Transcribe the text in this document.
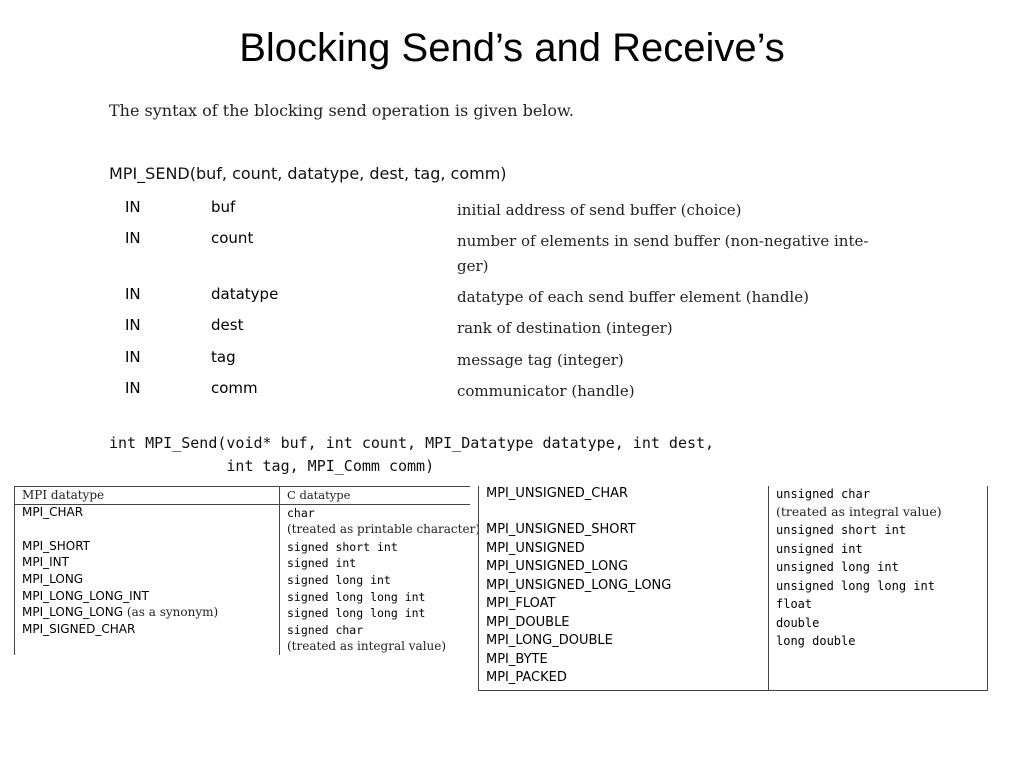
Blocking Send’s and Receive’s
The syntax of the blocking send operation is given below.
MPI_SEND(buf, count, datatype, dest, tag, comm)
IN	buf	initial address of send buffer (choice)
IN	count	number of elements in send buffer (non-negative inte-
ger)
IN	datatype	datatype of each send buffer element (handle)
IN	dest	rank of destination (integer)
IN	tag	message tag (integer)
IN	comm	communicator (handle)
int MPI_Send(void* buf, int count, MPI_Datatype datatype, int dest,
int tag, MPI_Comm comm)
MPI datatype	C datatype
MPI_CHAR	char
(treated as printable character)
MPI_SHORT	signed short int
MPI_INT	signed int
MPI_LONG	signed long int
MPI_LONG_LONG_INT	signed long long int
MPI_LONG_LONG (as a synonym)	signed long long int
MPI_SIGNED_CHAR	signed char
(treated as integral value)
MPI_UNSIGNED_CHAR	unsigned char
(treated as integral value)
MPI_UNSIGNED_SHORT	unsigned short int
MPI_UNSIGNED	unsigned int
MPI_UNSIGNED_LONG	unsigned long int
MPI_UNSIGNED_LONG_LONG	unsigned long long int
MPI_FLOAT	float
MPI_DOUBLE	double
MPI_LONG_DOUBLE	long double
MPI_BYTE
MPI_PACKED
